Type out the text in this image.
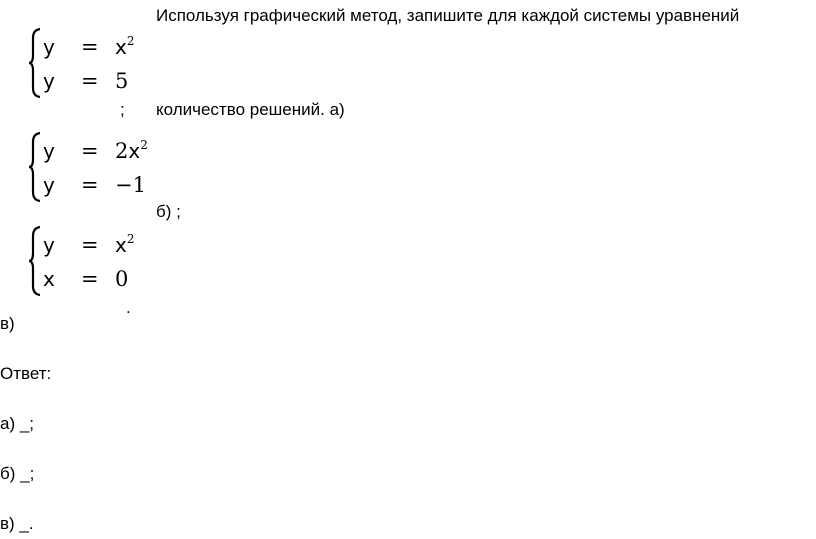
Используя графический метод, запишите для каждой системы уравнений
$y = x^2$
y = 5
; количество решений. а)
$y = 2x^2$
y = −1
б) ;
$y = x^2$
x = 0
.
в)
Ответ:
а) _;
б) _;
в) _.
